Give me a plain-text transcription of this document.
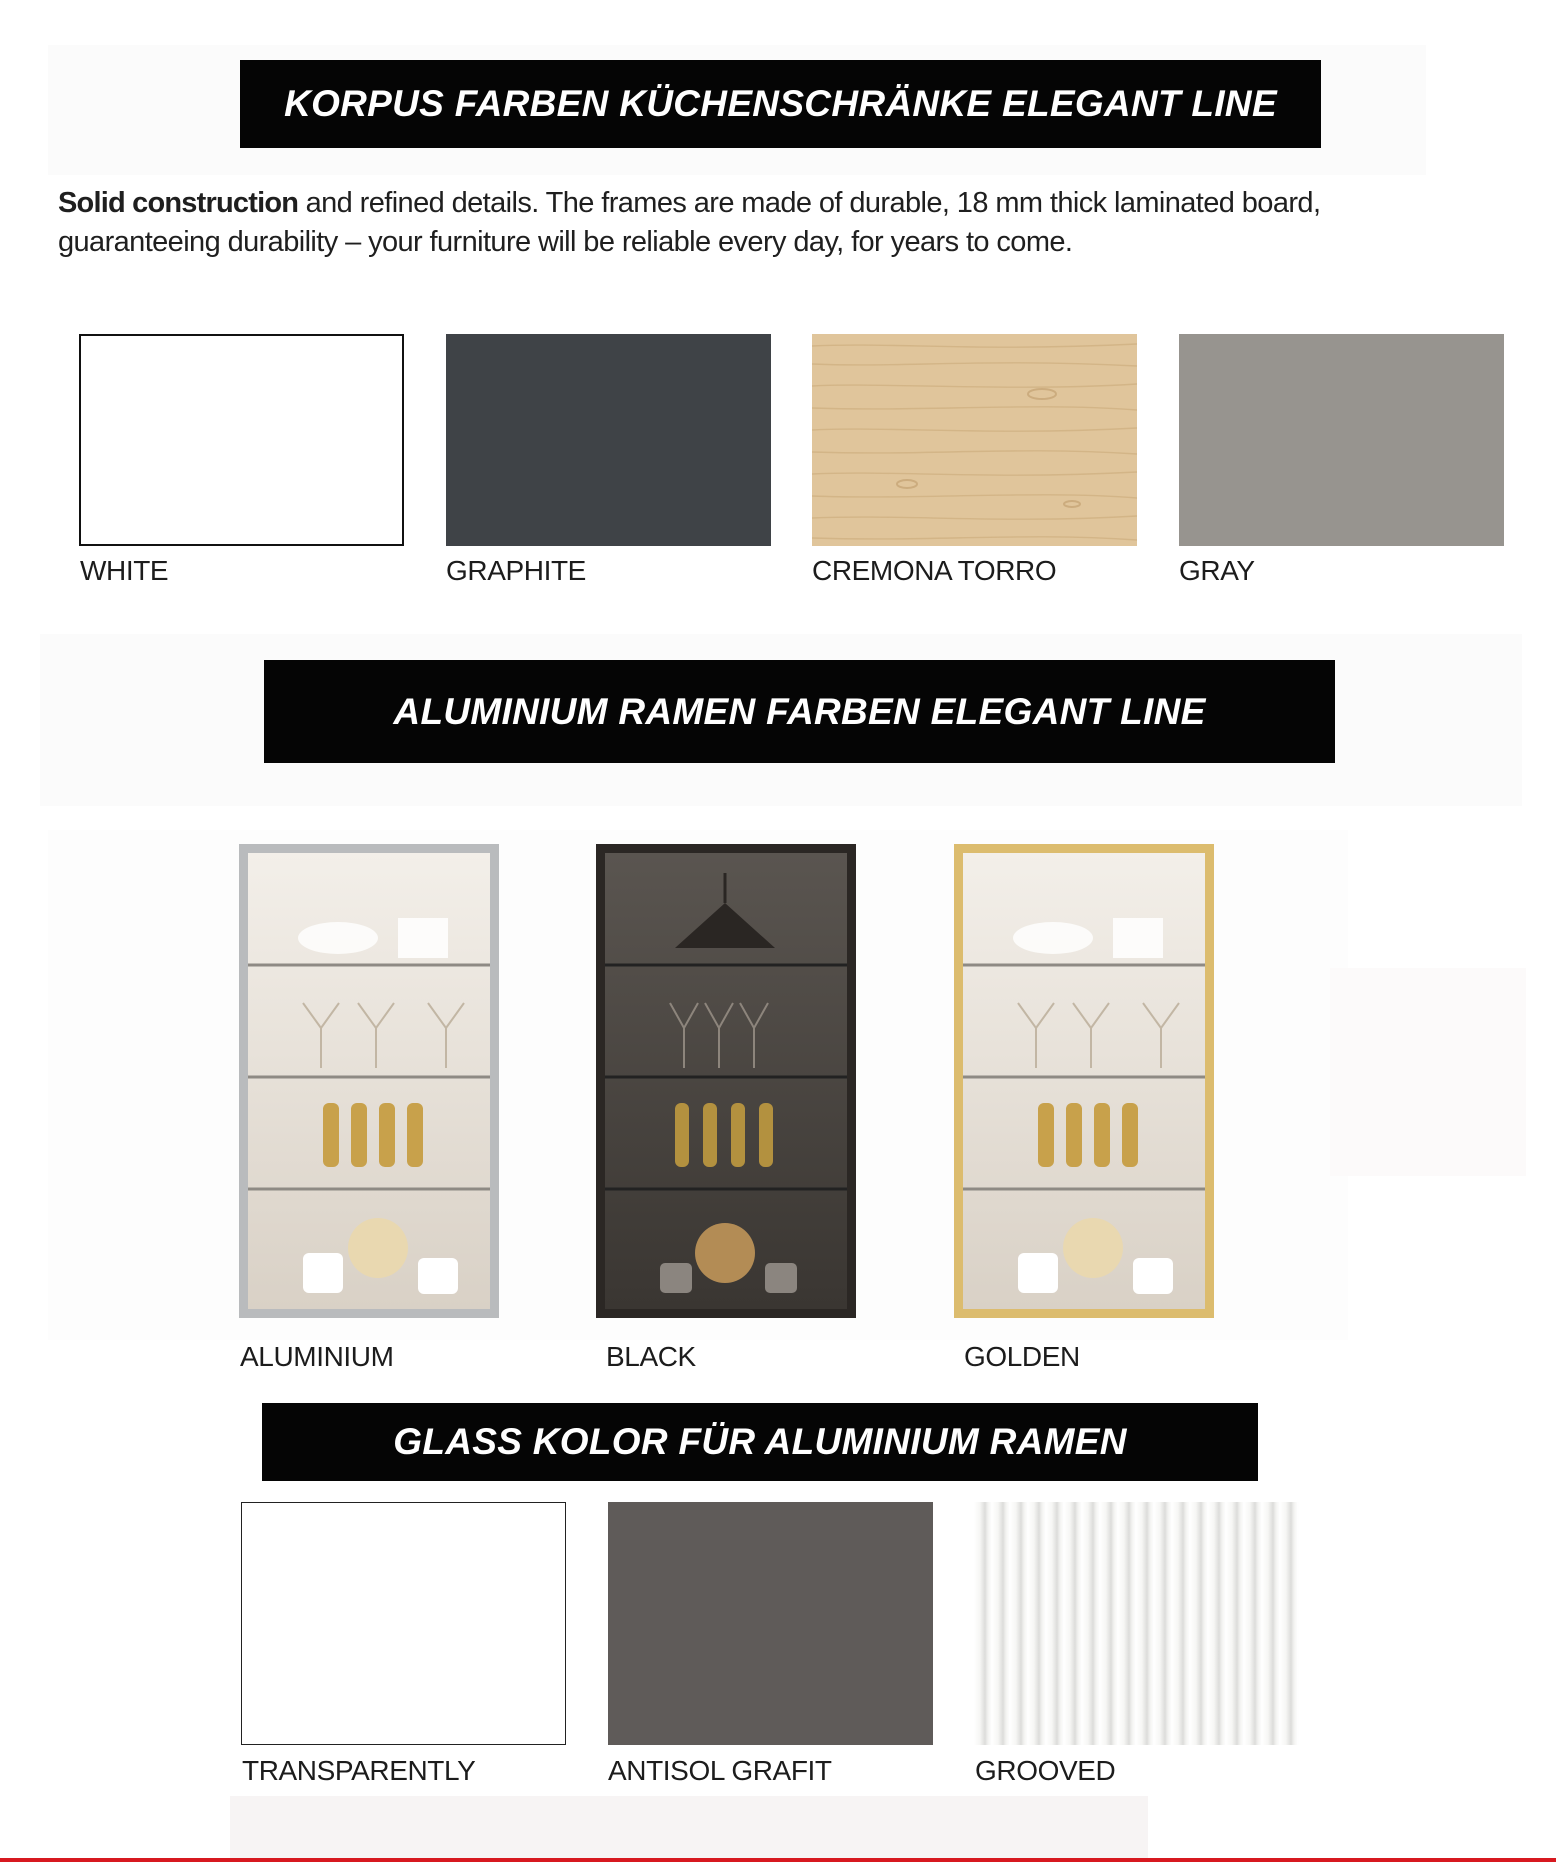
KORPUS FARBEN KÜCHENSCHRÄNKE ELEGANT LINE
Solid construction and refined details. The frames are made of durable, 18 mm thick laminated board, guaranteeing durability – your furniture will be reliable every day, for years to come.
WHITE	GRAPHITE	CREMONA TORRO	GRAY
ALUMINIUM RAMEN FARBEN ELEGANT LINE
ALUMINIUM	BLACK	GOLDEN
GLASS KOLOR FÜR ALUMINIUM RAMEN
TRANSPARENTLY	ANTISOL GRAFIT	GROOVED
